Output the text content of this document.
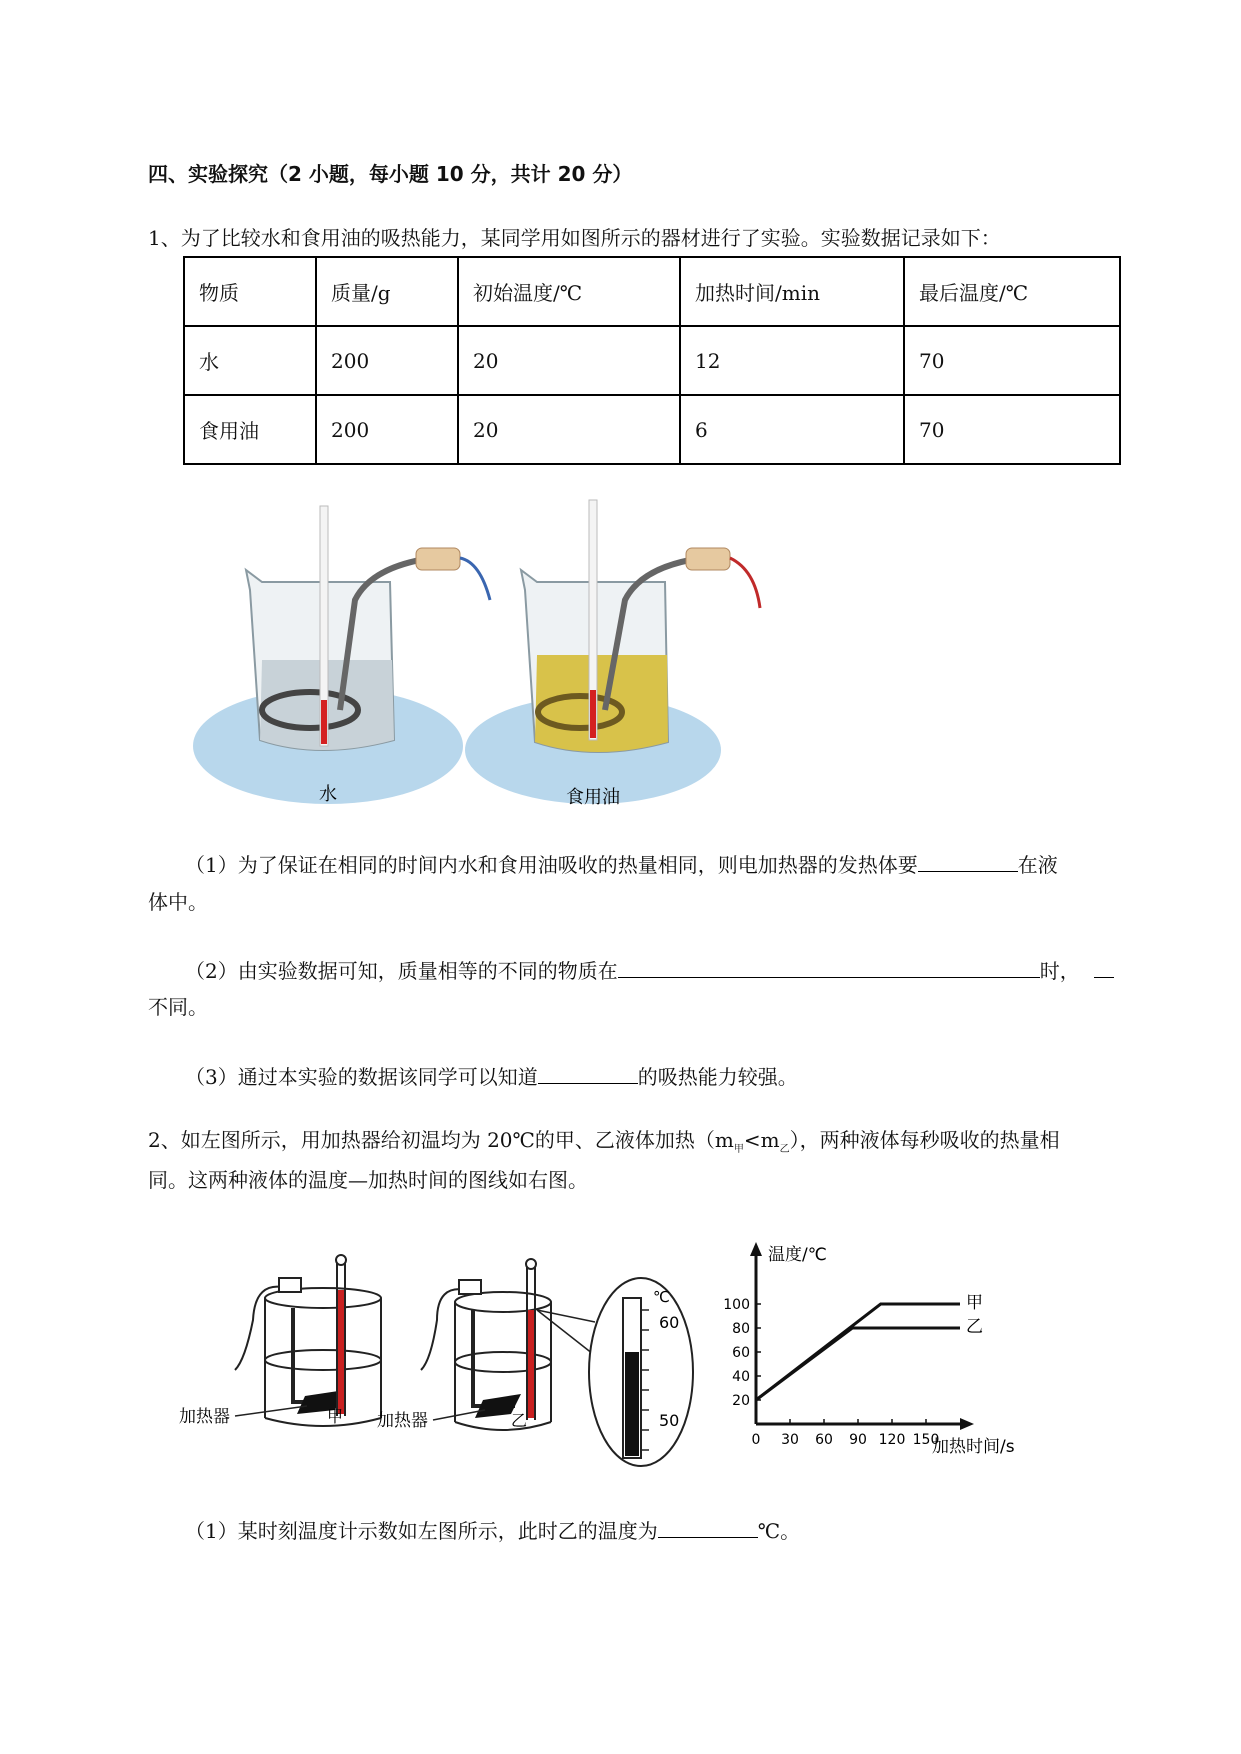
四、实验探究（2 小题，每小题 10 分，共计 20 分）
1、为了比较水和食用油的吸热能力，某同学用如图所示的器材进行了实验。实验数据记录如下：
物质	质量/g	初始温度/℃	加热时间/min	最后温度/℃
水	200	20	12	70
食用油	200	20	6	70
水	食用油
（1）为了保证在相同的时间内水和食用油吸收的热量相同，则电加热器的发热体要	在液
体中。
（2）由实验数据可知，质量相等的不同的物质在	时，
不同。
（3）通过本实验的数据该同学可以知道	的吸热能力较强。
2、如左图所示，用加热器给初温均为 20℃的甲、乙液体加热$(m_甲<m_乙)$，两种液体每秒吸收的热量相
同。这两种液体的温度—加热时间的图线如右图。
甲
加热器	乙
加热器
℃
60
50
0 30 60 90 120 150
20
40
60
80
100	甲
乙
温度/℃
加热时间/s
（1）某时刻温度计示数如左图所示，此时乙的温度为	℃。
